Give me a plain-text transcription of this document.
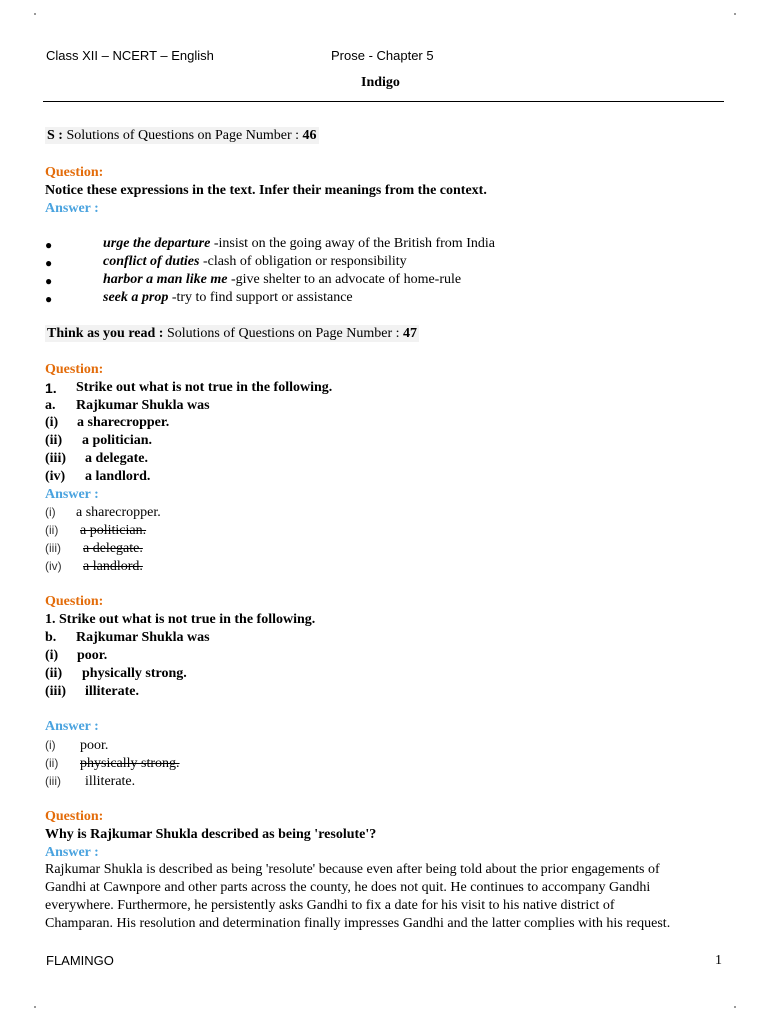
Class XII – NCERT – English	Prose - Chapter 5
Indigo
S : Solutions of Questions on Page Number : 46
Question:
Notice these expressions in the text. Infer their meanings from the context.
Answer :
●	urge the departure -insist on the going away of the British from India
●	conflict of duties -clash of obligation or responsibility
●	harbor a man like me -give shelter to an advocate of home-rule
●	seek a prop -try to find support or assistance
Think as you read : Solutions of Questions on Page Number : 47
Question:
1. Strike out what is not true in the following.
a. Rajkumar Shukla was
(i) a sharecropper.
(ii) a politician.
(iii) a delegate.
(iv) a landlord.
Answer :
(i) a sharecropper.
(ii) a politician.
(iii) a delegate.
(iv) a landlord.
Question:
1. Strike out what is not true in the following.
b. Rajkumar Shukla was
(i) poor.
(ii) physically strong.
(iii) illiterate.
Answer :
(i) poor.
(ii) physically strong.
(iii) illiterate.
Question:
Why is Rajkumar Shukla described as being 'resolute'?
Answer :
Rajkumar Shukla is described as being 'resolute' because even after being told about the prior engagements of
Gandhi at Cawnpore and other parts across the county, he does not quit. He continues to accompany Gandhi
everywhere. Furthermore, he persistently asks Gandhi to fix a date for his visit to his native district of
Champaran. His resolution and determination finally impresses Gandhi and the latter complies with his request.
FLAMINGO	1
